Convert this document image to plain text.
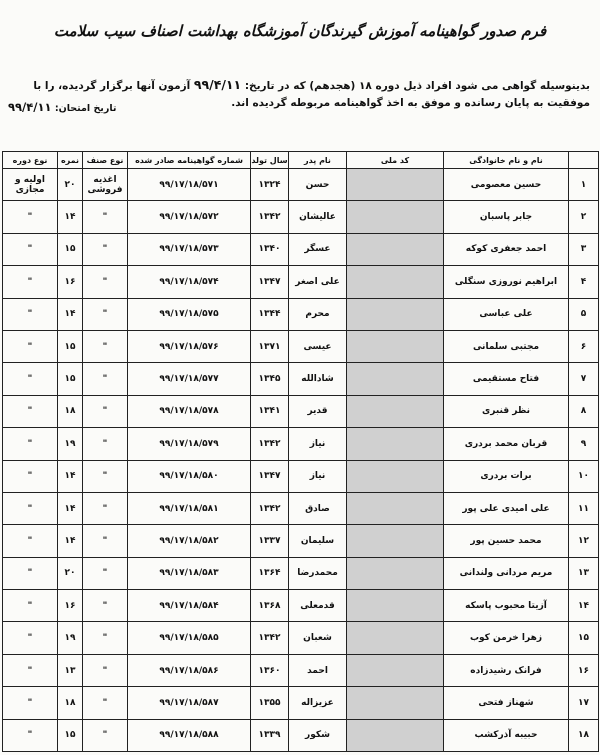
فرم صدور گواهینامه آموزش گیرندگان آموزشگاه بهداشت اصناف سیب سلامت
بدینوسیله گواهی می شود افراد ذیل دوره ۱۸ (هجدهم) که در تاریخ: ۹۹/۴/۱۱ آزمون آنها برگزار گردیده، را با موفقیت به پایان رسانده و موفق به اخذ گواهینامه مربوطه گردیده اند.
تاریخ امتحان: ۹۹/۴/۱۱
	نام و نام خانوادگی	کد ملی	نام پدر	سال تولد	شماره گواهینامه صادر شده	نوع صنف	نمره	نوع دوره
۱	حسین معصومی		حسن	۱۳۲۴	۹۹/۱۷/۱۸/۵۷۱	اغذیه فروشی	۲۰	اولیه و مجازی
۲	جابر پاسبان		عالیشان	۱۳۴۲	۹۹/۱۷/۱۸/۵۷۲	"	۱۴	"
۳	احمد جعفری کوکه		عسگر	۱۳۴۰	۹۹/۱۷/۱۸/۵۷۳	"	۱۵	"
۴	ابراهیم نوروزی سنگلی		علی اصغر	۱۳۴۷	۹۹/۱۷/۱۸/۵۷۴	"	۱۶	"
۵	علی عباسی		محرم	۱۳۴۴	۹۹/۱۷/۱۸/۵۷۵	"	۱۴	"
۶	مجتبی سلمانی		عیسی	۱۳۷۱	۹۹/۱۷/۱۸/۵۷۶	"	۱۵	"
۷	فتاح مستقیمی		شادالله	۱۳۴۵	۹۹/۱۷/۱۸/۵۷۷	"	۱۵	"
۸	نظر قنبری		قدیر	۱۳۴۱	۹۹/۱۷/۱۸/۵۷۸	"	۱۸	"
۹	قربان محمد بردری		نیاز	۱۳۴۲	۹۹/۱۷/۱۸/۵۷۹	"	۱۹	"
۱۰	برات بردری		نیاز	۱۳۴۷	۹۹/۱۷/۱۸/۵۸۰	"	۱۴	"
۱۱	علی امیدی علی پور		صادق	۱۳۴۲	۹۹/۱۷/۱۸/۵۸۱	"	۱۴	"
۱۲	محمد حسین پور		سلیمان	۱۳۳۷	۹۹/۱۷/۱۸/۵۸۲	"	۱۴	"
۱۳	مریم مردانی ولندانی		محمدرضا	۱۳۶۴	۹۹/۱۷/۱۸/۵۸۳	"	۲۰	"
۱۴	آزیتا محبوب پاسکه		قدمعلی	۱۳۶۸	۹۹/۱۷/۱۸/۵۸۴	"	۱۶	"
۱۵	زهرا خرمن کوب		شعبان	۱۳۴۲	۹۹/۱۷/۱۸/۵۸۵	"	۱۹	"
۱۶	فرانک رشیدزاده		احمد	۱۳۶۰	۹۹/۱۷/۱۸/۵۸۶	"	۱۳	"
۱۷	شهناز فتحی		عزیزاله	۱۳۵۵	۹۹/۱۷/۱۸/۵۸۷	"	۱۸	"
۱۸	حبیبه آذرکشب		شکور	۱۳۳۹	۹۹/۱۷/۱۸/۵۸۸	"	۱۵	"
